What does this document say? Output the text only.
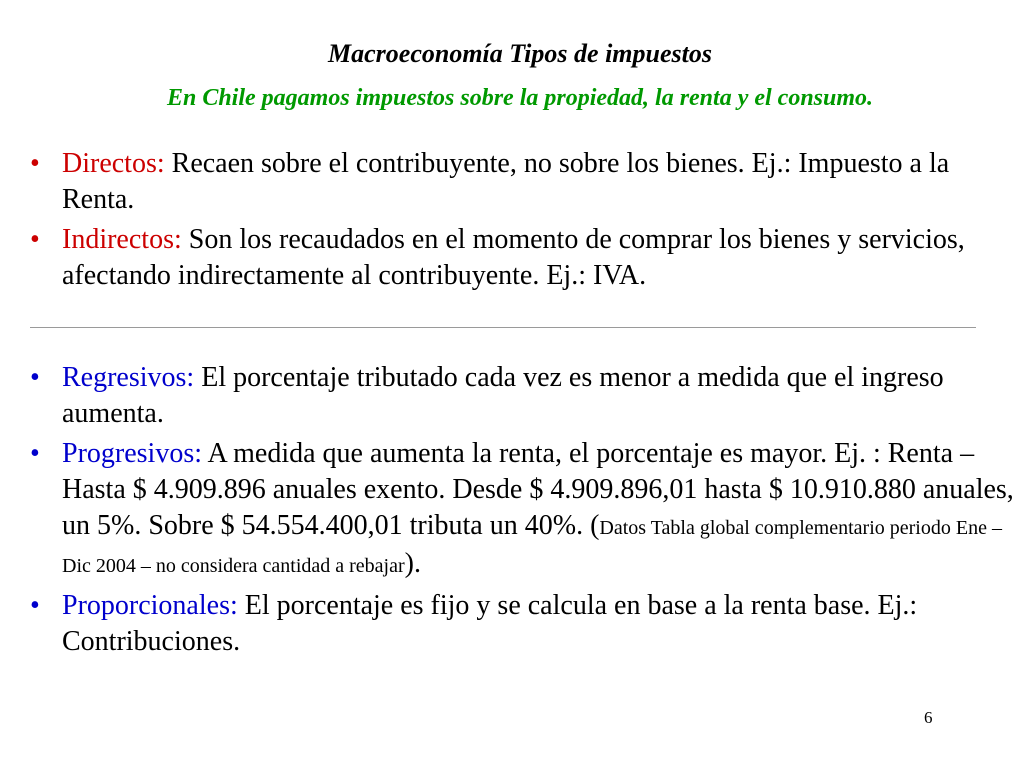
Macroeconomía Tipos de impuestos
En Chile pagamos impuestos sobre la propiedad, la renta y el consumo.
• Directos: Recaen sobre el contribuyente, no sobre los bienes. Ej.: Impuesto a la Renta.
• Indirectos: Son los recaudados en el momento de comprar los bienes y servicios, afectando indirectamente al contribuyente. Ej.: IVA.
• Regresivos: El porcentaje tributado cada vez es menor a medida que el ingreso aumenta.
• Progresivos: A medida que aumenta la renta, el porcentaje es mayor. Ej. : Renta – Hasta $ 4.909.896 anuales exento. Desde $ 4.909.896,01 hasta $ 10.910.880 anuales, un 5%. Sobre $ 54.554.400,01 tributa un 40%. (Datos Tabla global complementario periodo Ene – Dic 2004 – no considera cantidad a rebajar).
• Proporcionales: El porcentaje es fijo y se calcula en base a la renta base. Ej.: Contribuciones.
6
